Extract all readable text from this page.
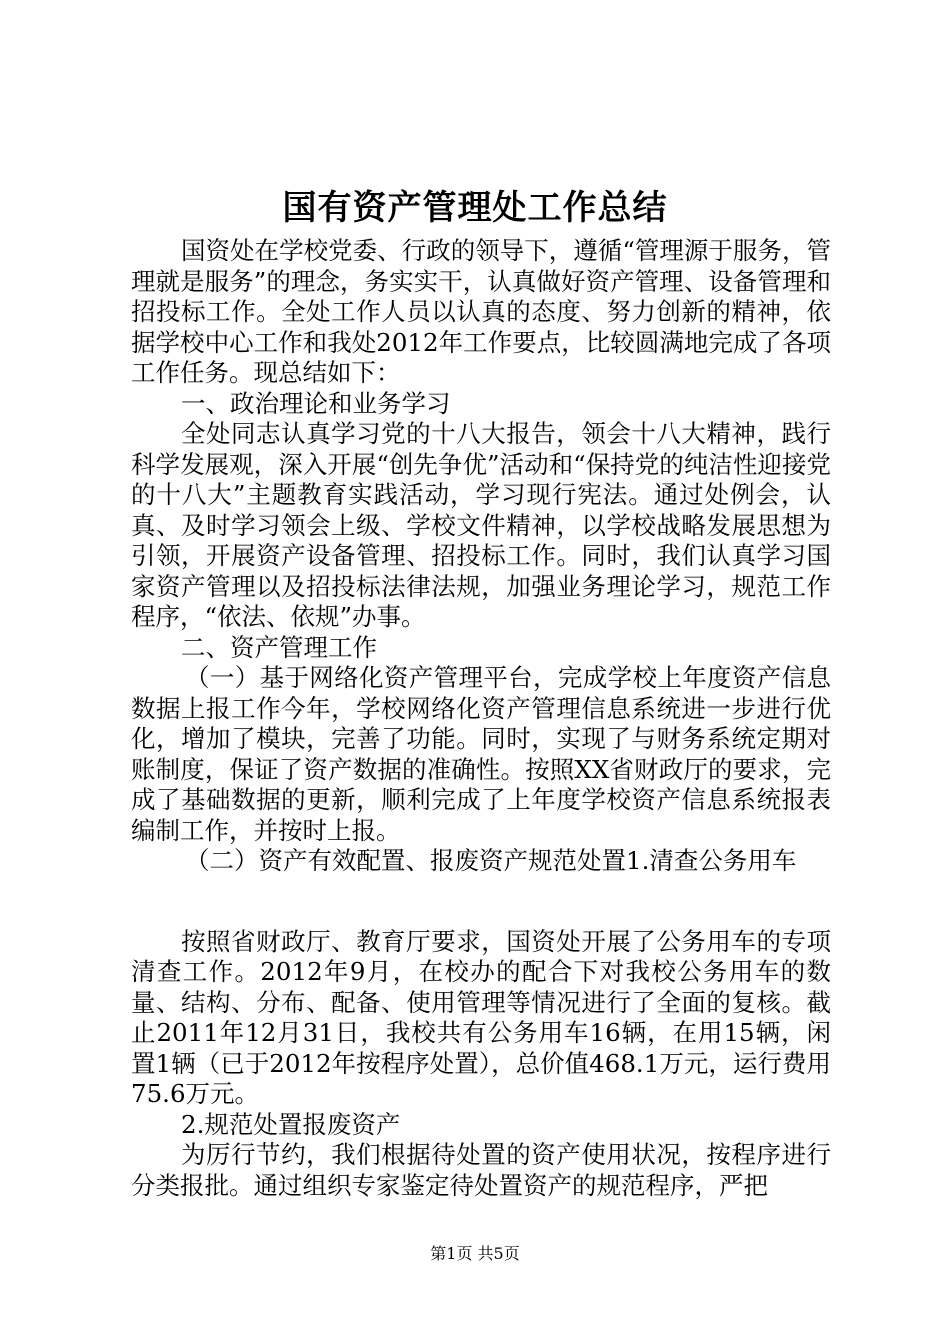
国有资产管理处工作总结

国资处在学校党委、行政的领导下，遵循“管理源于服务，管理就是服务”的理念，务实实干，认真做好资产管理、设备管理和招投标工作。全处工作人员以认真的态度、努力创新的精神，依据学校中心工作和我处2012年工作要点，比较圆满地完成了各项工作任务。现总结如下：

一、政治理论和业务学习

全处同志认真学习党的十八大报告，领会十八大精神，践行科学发展观，深入开展“创先争优”活动和“保持党的纯洁性迎接党的十八大”主题教育实践活动，学习现行宪法。通过处例会，认真、及时学习领会上级、学校文件精神，以学校战略发展思想为引领，开展资产设备管理、招投标工作。同时，我们认真学习国家资产管理以及招投标法律法规，加强业务理论学习，规范工作程序，“依法、依规”办事。

二、资产管理工作

（一）基于网络化资产管理平台，完成学校上年度资产信息数据上报工作今年，学校网络化资产管理信息系统进一步进行优化，增加了模块，完善了功能。同时，实现了与财务系统定期对账制度，保证了资产数据的准确性。按照XX省财政厅的要求，完成了基础数据的更新，顺利完成了上年度学校资产信息系统报表编制工作，并按时上报。

（二）资产有效配置、报废资产规范处置1.清查公务用车

按照省财政厅、教育厅要求，国资处开展了公务用车的专项清查工作。2012年9月，在校办的配合下对我校公务用车的数量、结构、分布、配备、使用管理等情况进行了全面的复核。截止2011年12月31日，我校共有公务用车16辆，在用15辆，闲置1辆（已于2012年按程序处置），总价值468.1万元，运行费用75.6万元。

2.规范处置报废资产

为厉行节约，我们根据待处置的资产使用状况，按程序进行分类报批。通过组织专家鉴定待处置资产的规范程序，严把

第1页 共5页
